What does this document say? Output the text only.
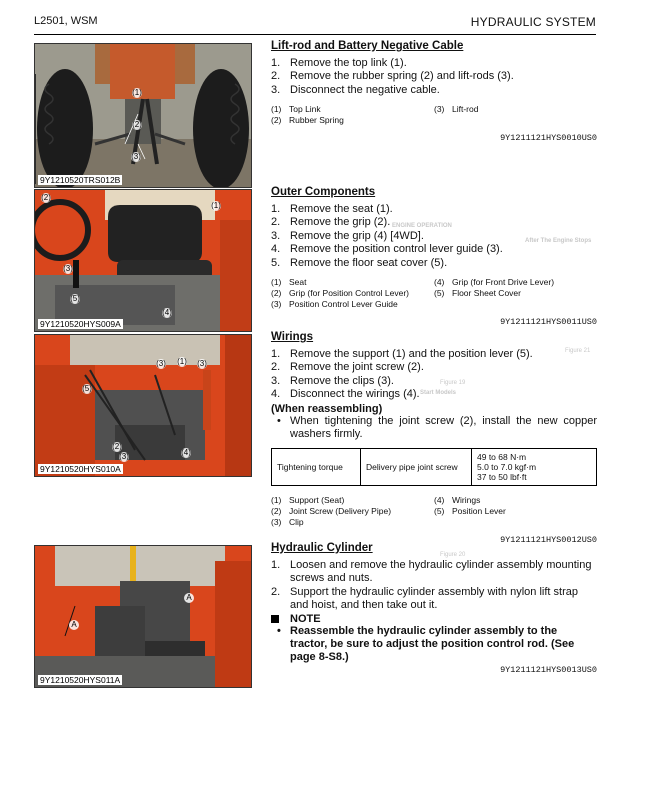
L2501, WSM	HYDRAULIC SYSTEM
ENGINE OPERATION
After The Engine Stops
Figure 19
Start Models
Figure 21
Figure 20
(1)
(2)
(3)
9Y1210520TRS012B
(2)
(1)
(3)
(5)
(4)
9Y1210520HYS009A
(3) (1) (3)
(5)
(2)
(3)	(4)
9Y1210520HYS010A
A
A
9Y1210520HYS011A
Lift-rod and Battery Negative Cable
1. Remove the top link (1).
2. Remove the rubber spring (2) and lift-rods (3).
3. Disconnect the negative cable.
(1) Top Link	(3) Lift-rod
(2) Rubber Spring
9Y1211121HYS0010US0
Outer Components
1. Remove the seat (1).
2. Remove the grip (2).
3. Remove the grip (4) [4WD].
4. Remove the position control lever guide (3).
5. Remove the floor seat cover (5).
(1) Seat	(4) Grip (for Front Drive Lever)
(2) Grip (for Position Control Lever)	(5) Floor Sheet Cover
(3) Position Control Lever Guide
9Y1211121HYS0011US0
Wirings
1. Remove the support (1) and the position lever (5).
2. Remove the joint screw (2).
3. Remove the clips (3).
4. Disconnect the wirings (4).
(When reassembling)
• When tightening the joint screw (2), install the new copper washers firmly.
Tightening torque	Delivery pipe joint screw	
49 to 68 N·m
5.0 to 7.0 kgf·m
37 to 50 lbf·ft
(1) Support (Seat)	(4) Wirings
(2) Joint Screw (Delivery Pipe)	(5) Position Lever
(3) Clip
9Y1211121HYS0012US0
Hydraulic Cylinder
1. Loosen and remove the hydraulic cylinder assembly mounting screws and nuts.
2. Support the hydraulic cylinder assembly with nylon lift strap and hoist, and then take out it.
NOTE
• Reassemble the hydraulic cylinder assembly to the tractor, be sure to adjust the position control rod. (See page 8-S8.)
9Y1211121HYS0013US0
